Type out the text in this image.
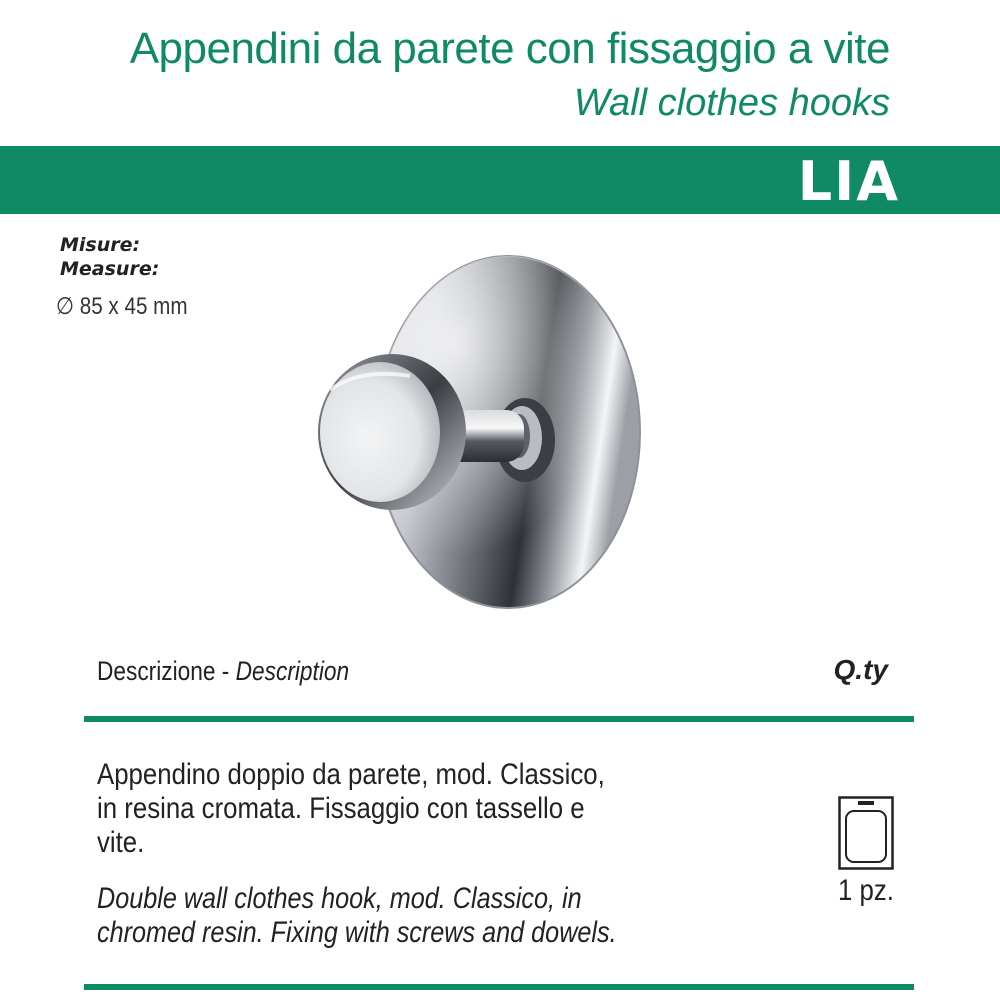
Appendini da parete con fissaggio a vite
Wall clothes hooks
LIA
Misure:
Measure:
∅ 85 x 45 mm
Descrizione - Description	Q.ty
Appendino doppio da parete, mod. Classico, in resina cromata. Fissaggio con tassello e vite.
Double wall clothes hook, mod. Classico, in chromed resin. Fixing with screws and dowels.
1 pz.
